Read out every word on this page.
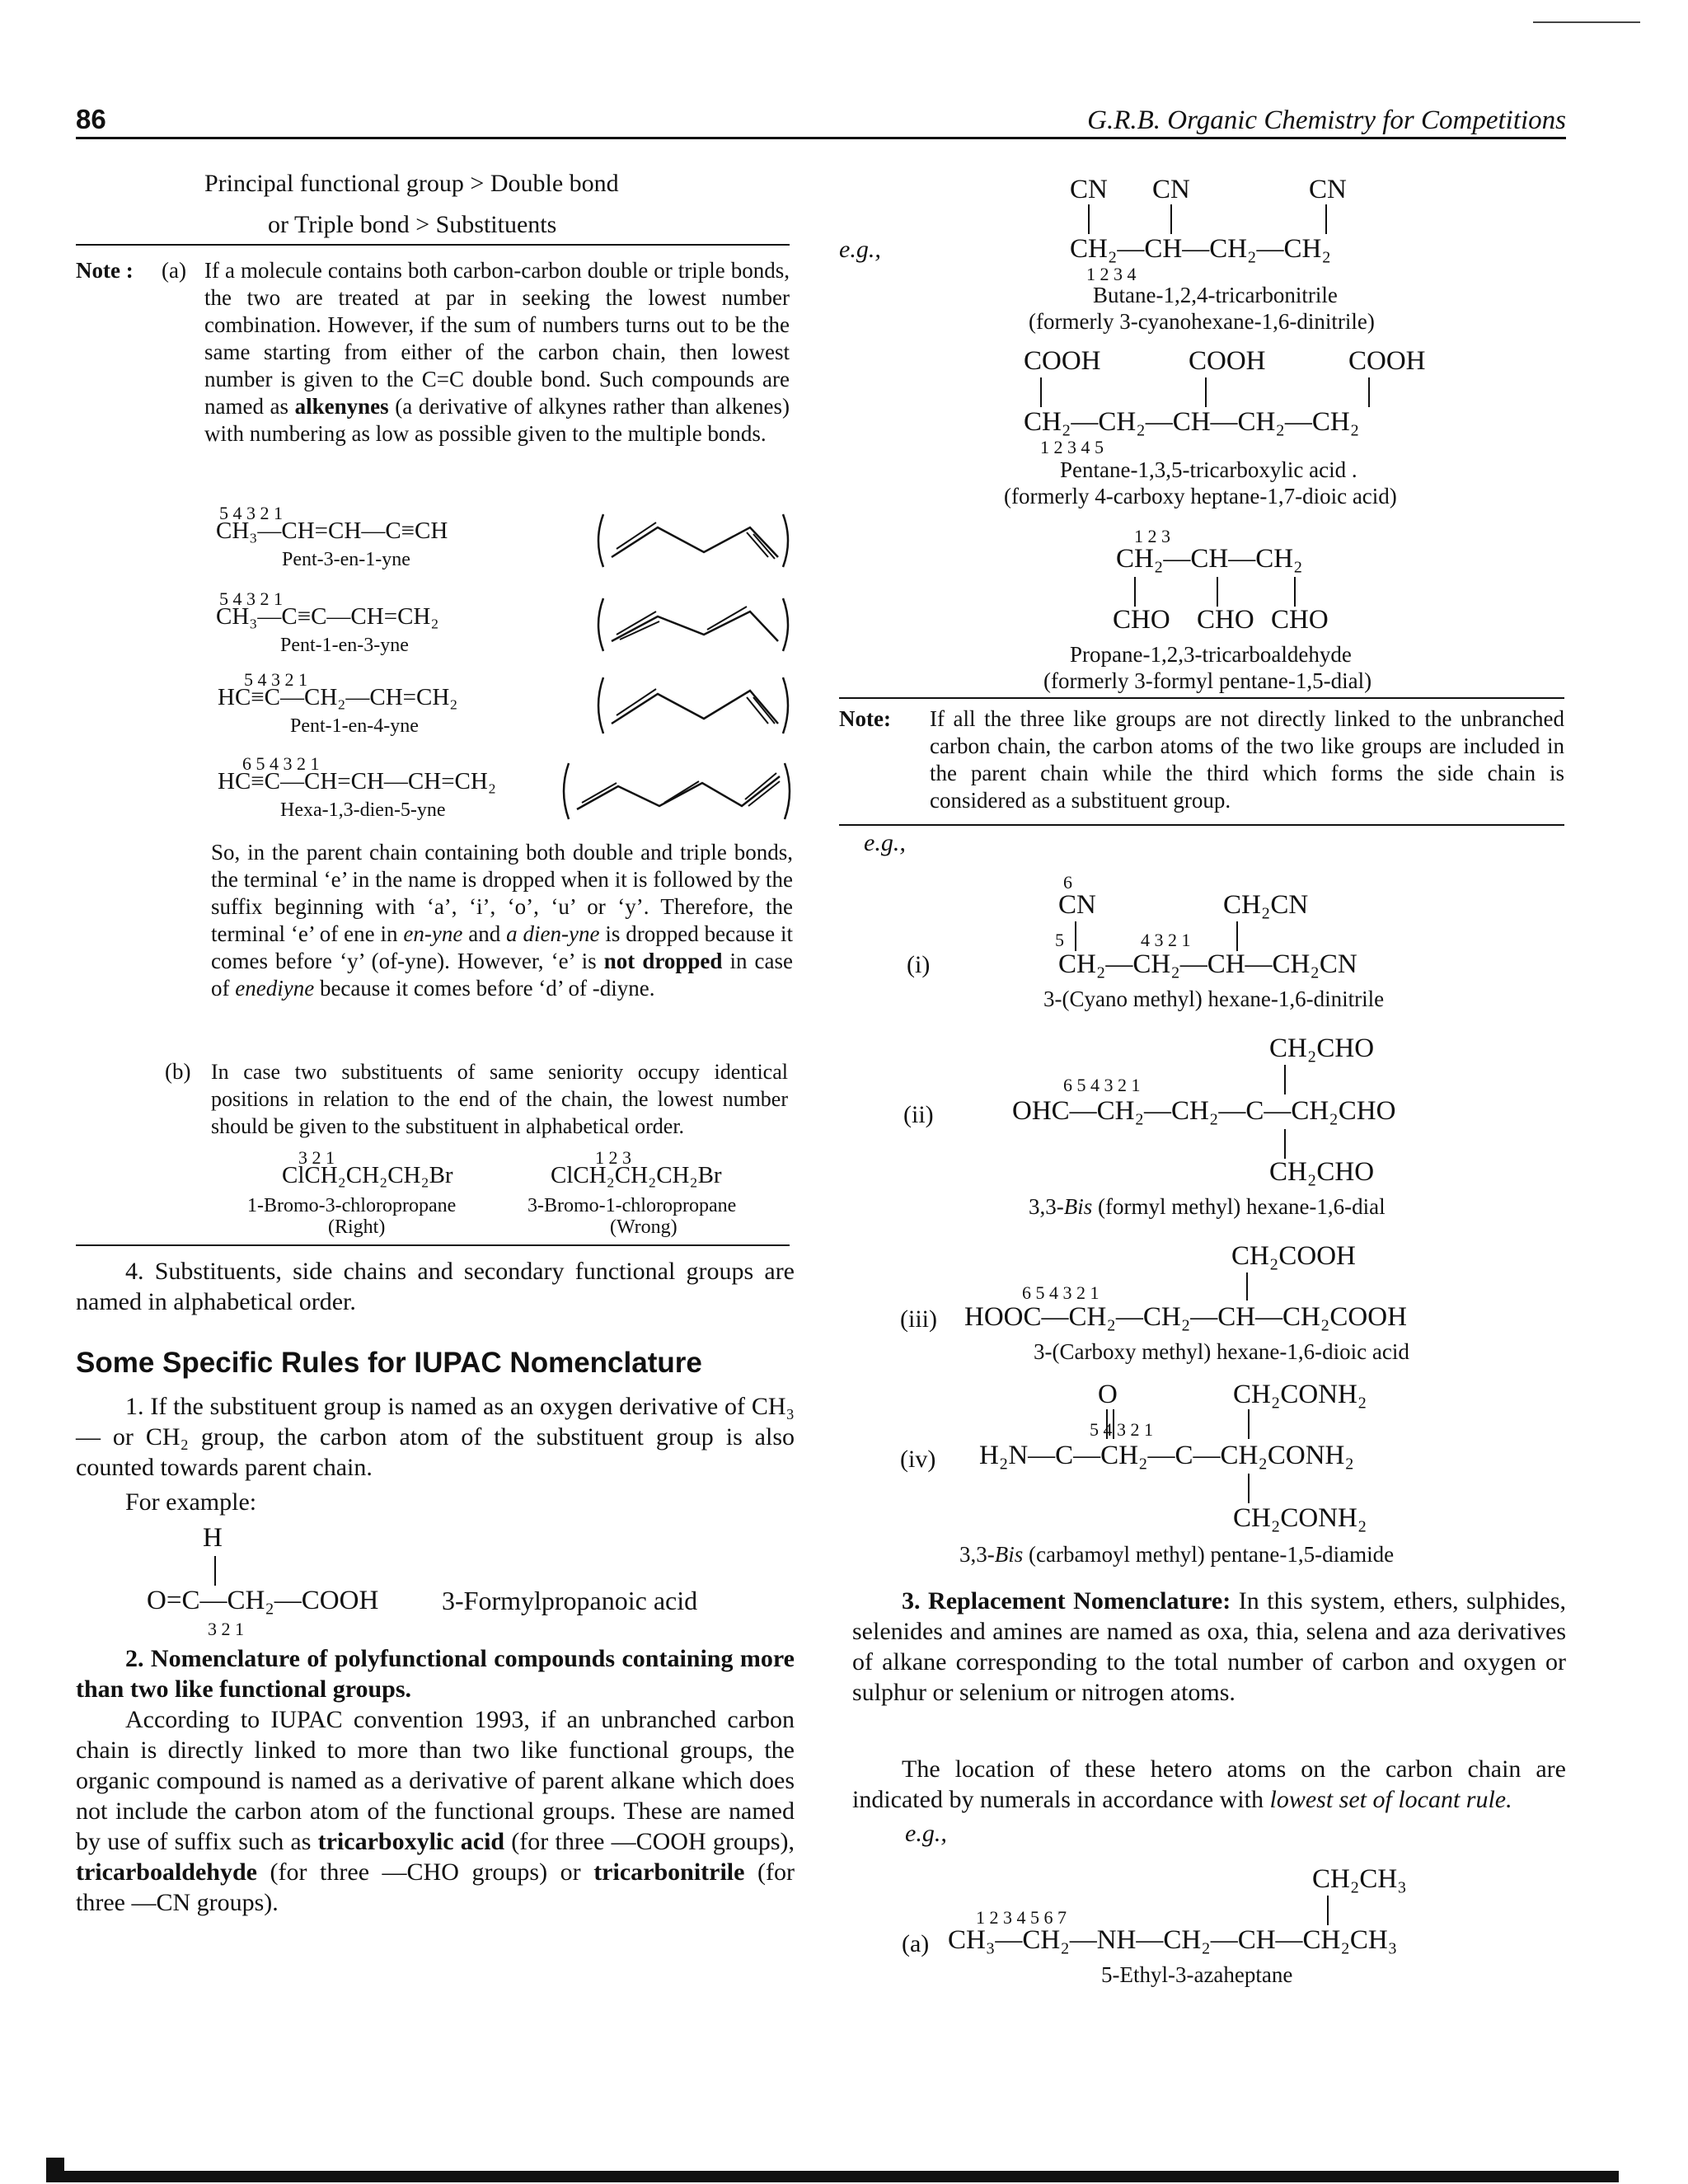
86	G.R.B. Organic Chemistry for Competitions
Principal functional group > Double bond
or Triple bond > Substituents
Note : (a) If a molecule contains both carbon-carbon double or triple bonds, the two are treated at par in seeking the lowest number combination. However, if the sum of numbers turns out to be the same starting from either of the carbon chain, then lowest number is given to the C=C double bond. Such compounds are named as alkenynes (a derivative of alkynes rather than alkenes) with numbering as low as possible given to the multiple bonds.

5 4 3 2 1
CH₃—CH=CH—C≡CH
Pent-3-en-1-yne
5 4 3 2 1
CH₃—C≡C—CH=CH₂
Pent-1-en-3-yne
5 4 3 2 1
HC≡C—CH₂—CH=CH₂
Pent-1-en-4-yne
6 5 4 3 2 1
HC≡C—CH=CH—CH=CH₂
Hexa-1,3-dien-5-yne

So, in the parent chain containing both double and triple bonds, the terminal ‘e’ in the name is dropped when it is followed by the suffix beginning with ‘a’, ‘i’, ‘o’, ‘u’ or ‘y’. Therefore, the terminal ‘e’ of ene in en-yne and a dien-yne is dropped because it comes before ‘y’ (of-yne). However, ‘e’ is not dropped in case of enediyne because it comes before ‘d’ of -diyne.

(b) In case two substituents of same seniority occupy identical positions in relation to the end of the chain, the lowest number should be given to the substituent in alphabetical order.

3 2 1
ClCH₂CH₂CH₂Br
1-Bromo-3-chloropropane
(Right)
1 2 3
ClCH₂CH₂CH₂Br
3-Bromo-1-chloropropane
(Wrong)

4. Substituents, side chains and secondary functional groups are named in alphabetical order.

Some Specific Rules for IUPAC Nomenclature

1. If the substituent group is named as an oxygen derivative of CH₃— or CH₂ group, the carbon atom of the substituent group is also counted towards parent chain.

For example:
H
O=C—CH₂—COOH 3-Formylpropanoic acid
3 2 1

2. Nomenclature of polyfunctional compounds containing more than two like functional groups.

According to IUPAC convention 1993, if an unbranched carbon chain is directly linked to more than two like functional groups, the organic compound is named as a derivative of parent alkane which does not include the carbon atom of the functional groups. These are named by use of suffix such as tricarboxylic acid (for three —COOH groups), tricarboaldehyde (for three —CHO groups) or tricarbonitrile (for three —CN groups).

e.g.,
CN CN	CN
CH₂—CH—CH₂—CH₂
1 2 3 4
Butane-1,2,4-tricarbonitrile
(formerly 3-cyanohexane-1,6-dinitrile)
COOH	COOH	COOH
CH₂—CH₂—CH—CH₂—CH₂
1 2 3 4 5
Pentane-1,3,5-tricarboxylic acid .
(formerly 4-carboxy heptane-1,7-dioic acid)
1 2 3
CH₂—CH—CH₂
CHO CHO CHO
Propane-1,2,3-tricarboaldehyde
(formerly 3-formyl pentane-1,5-dial)
Note: If all the three like groups are not directly linked to the unbranched carbon chain, the carbon atoms of the two like groups are included in the parent chain while the third which forms the side chain is considered as a substituent group.

e.g.,
6
CN	CH₂CN
5	4 3 2 1
(i)	CH₂—CH₂—CH—CH₂CN
3-(Cyano methyl) hexane-1,6-dinitrile
CH₂CHO
6 5 4 3 2 1
(ii)	OHC—CH₂—CH₂—C—CH₂CHO
CH₂CHO
3,3-Bis (formyl methyl) hexane-1,6-dial
CH₂COOH
6 5 4 3 2 1
(iii) HOOC—CH₂—CH₂—CH—CH₂COOH
3-(Carboxy methyl) hexane-1,6-dioic acid
O	CH₂CONH₂
5 4 3 2 1
(iv) H₂N—C—CH₂—C—CH₂CONH₂
CH₂CONH₂
3,3-Bis (carbamoyl methyl) pentane-1,5-diamide

3. Replacement Nomenclature: In this system, ethers, sulphides, selenides and amines are named as oxa, thia, selena and aza derivatives of alkane corresponding to the total number of carbon and oxygen or sulphur or selenium or nitrogen atoms.

The location of these hetero atoms on the carbon chain are indicated by numerals in accordance with lowest set of locant rule.

e.g.,
CH₂CH₃
1 2 3 4 5 6 7
(a) CH₃—CH₂—NH—CH₂—CH—CH₂CH₃
5-Ethyl-3-azaheptane
